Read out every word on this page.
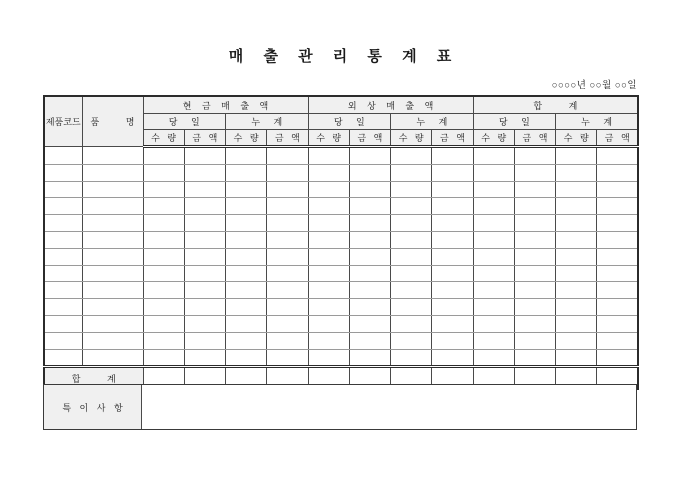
매 출 관 리 통 계 표
○○○○년 ○○월 ○○일
제품코드	품 명	현 금 매 출 액				외 상 매 출 액				합 계			
		당 일		누 계		당 일		누 계		당 일		누 계	
		수 량	금 액	수 량	금 액	수 량	금 액	수 량	금 액	수 량	금 액	수 량	금 액

합 계													
특 이 사 항
